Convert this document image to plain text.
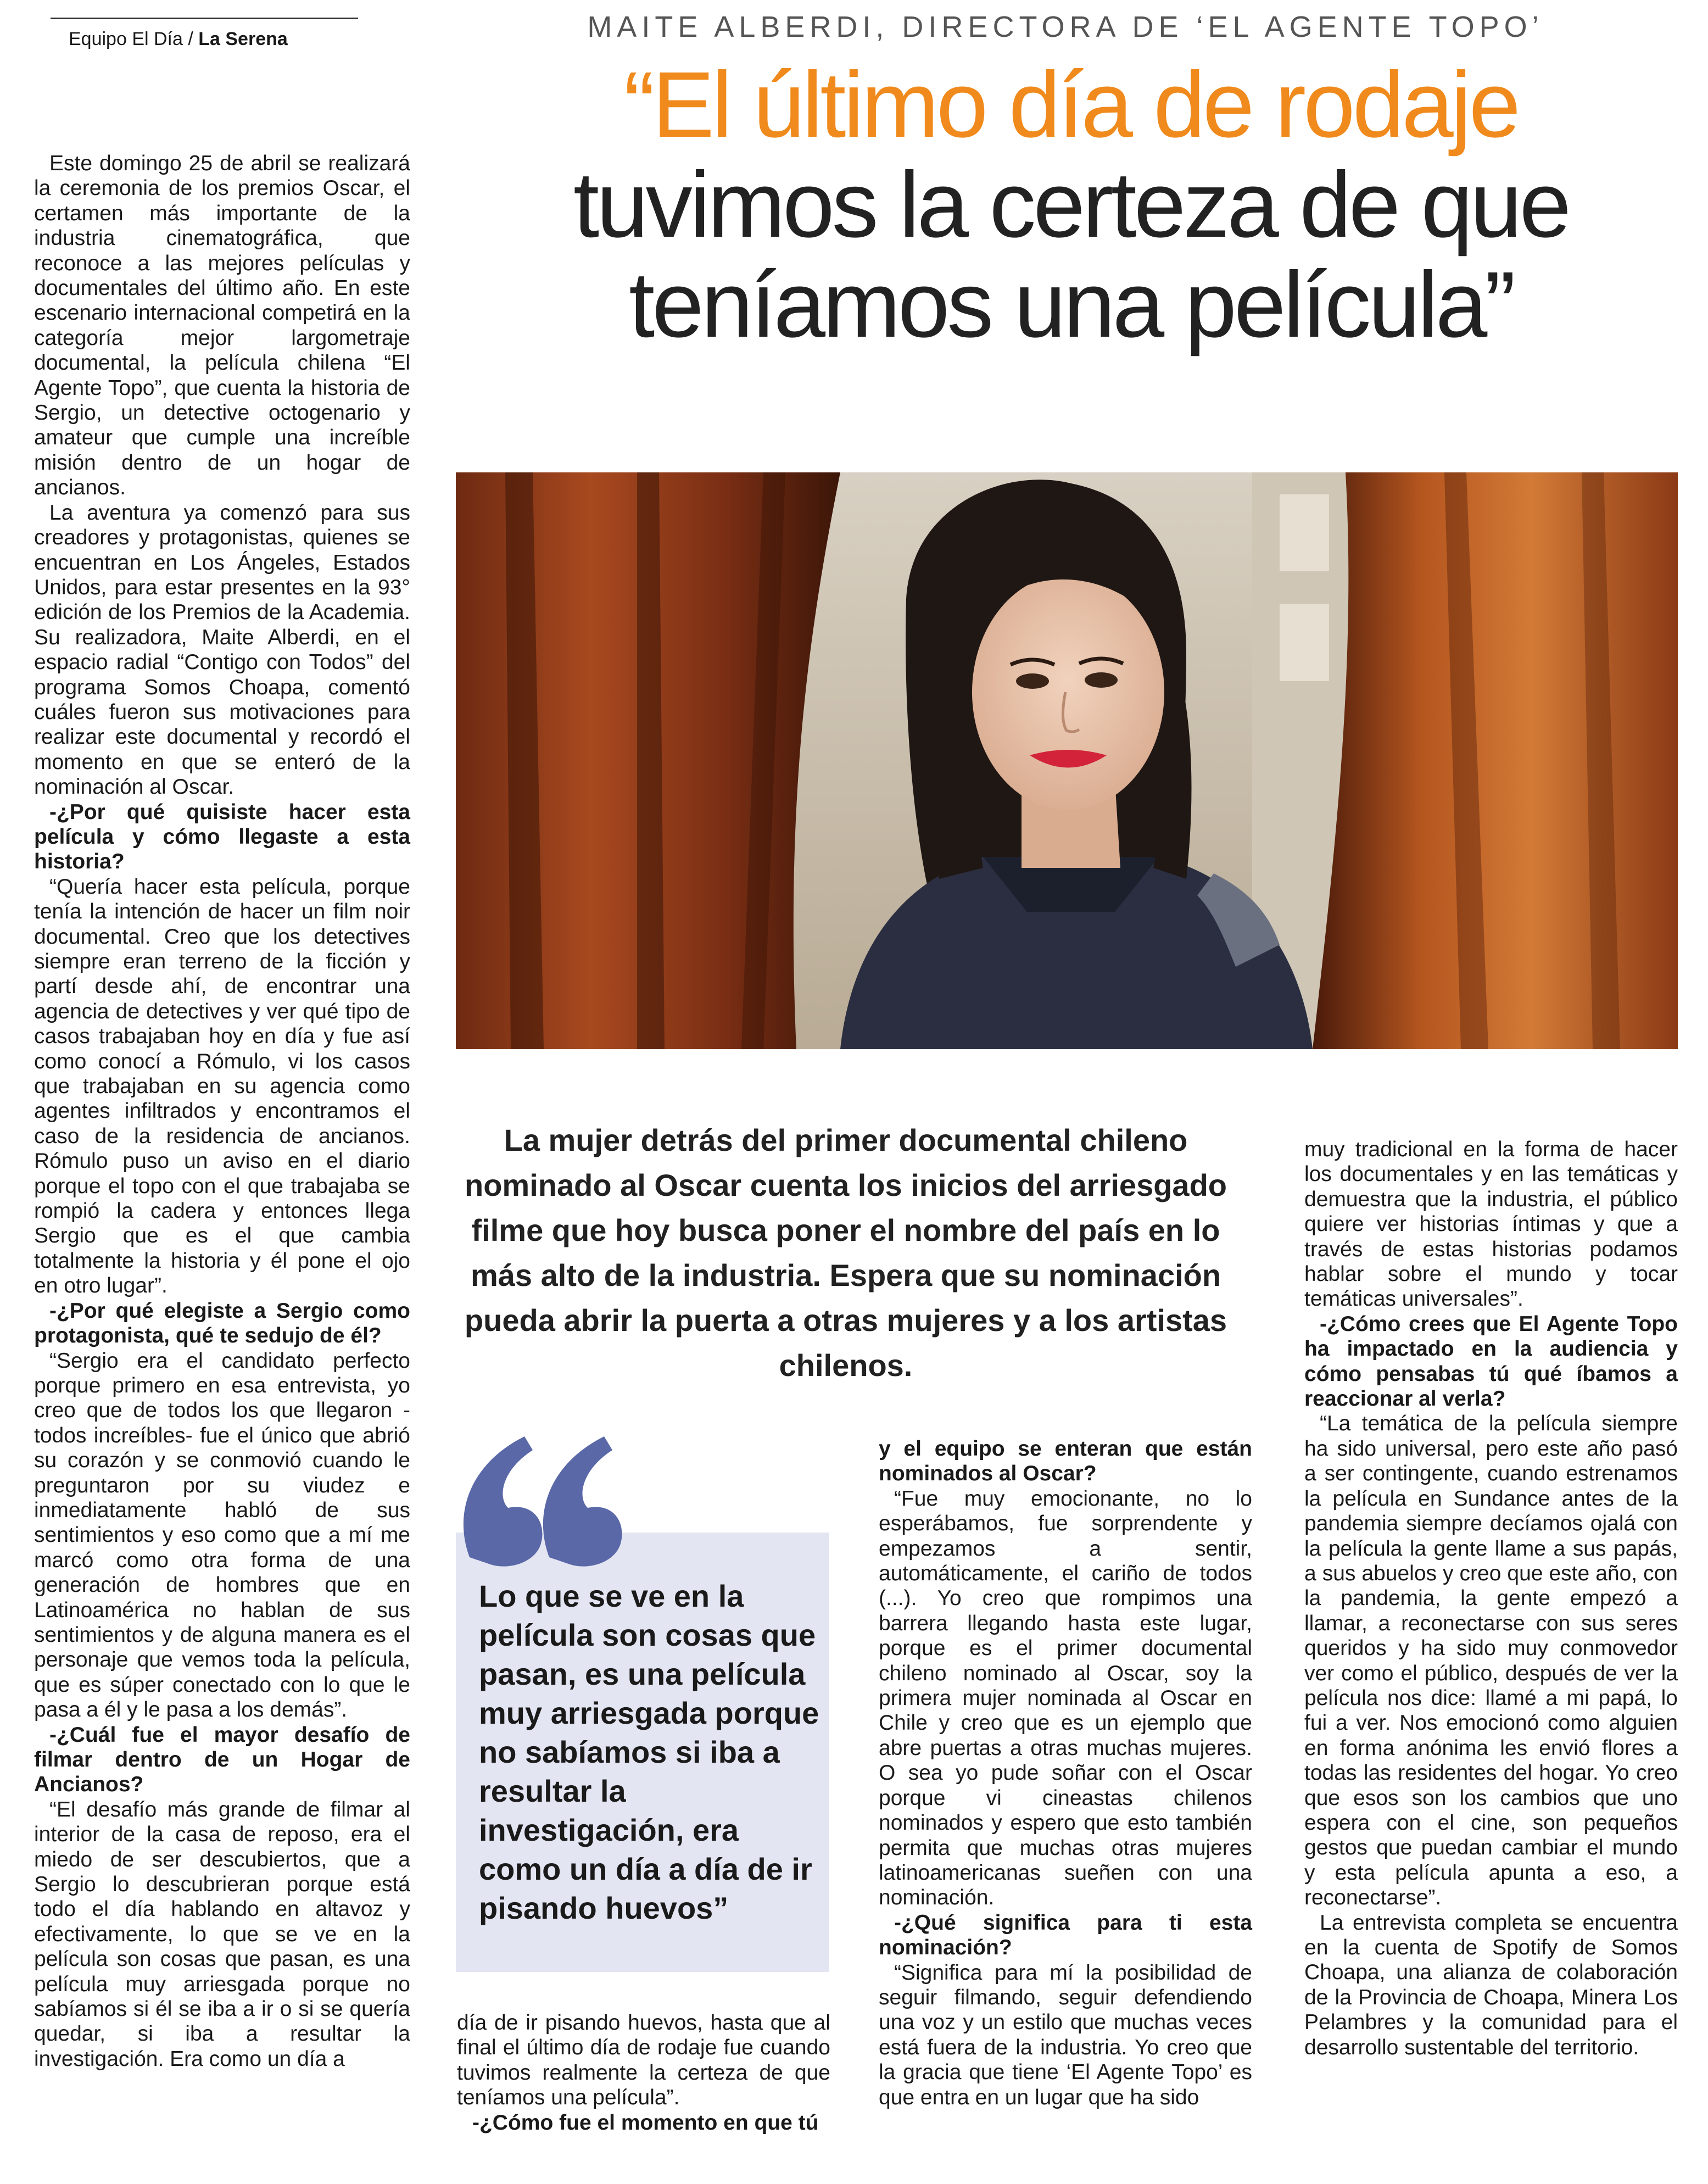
Equipo El Día / La Serena	MAITE ALBERDI, DIRECTORA DE ‘EL AGENTE TOPO’
“El último día de rodaje
tuvimos la certeza de que
teníamos una película”

Este domingo 25 de abril se realizará la ceremonia de los premios Oscar, el certamen más importante de la industria cinematográfica, que reconoce a las mejores películas y documentales del último año. En este escenario internacional competirá en la categoría mejor largometraje documental, la película chilena “El Agente Topo”, que cuenta la historia de Sergio, un detective octogenario y amateur que cumple una increíble misión dentro de un hogar de ancianos.

La aventura ya comenzó para sus creadores y protagonistas, quienes se encuentran en Los Ángeles, Estados Unidos, para estar presentes en la 93° edición de los Premios de la Academia. Su realizadora, Maite Alberdi, en el espacio radial “Contigo con Todos” del programa Somos Choapa, comentó cuáles fueron sus motivaciones para realizar este documental y recordó el momento en que se enteró de la nominación al Oscar.

-¿Por qué quisiste hacer esta película y cómo llegaste a esta historia?

“Quería hacer esta película, porque tenía la intención de hacer un film noir documental. Creo que los detectives siempre eran terreno de la ficción y partí desde ahí, de encontrar una agencia de detectives y ver qué tipo de casos trabajaban hoy en día y fue así como conocí a Rómulo, vi los casos que trabajaban en su agencia como agentes infiltrados y encontramos el caso de la residencia de ancianos. Rómulo puso un aviso en el diario porque el topo con el que trabajaba se rompió la cadera y entonces llega Sergio que es el que cambia totalmente la historia y él pone el ojo en otro lugar”.

-¿Por qué elegiste a Sergio como protagonista, qué te sedujo de él?

“Sergio era el candidato perfecto porque primero en esa entrevista, yo creo que de todos los que llegaron -todos increíbles- fue el único que abrió su corazón y se conmovió cuando le preguntaron por su viudez e inmediatamente habló de sus sentimientos y eso como que a mí me marcó como otra forma de una generación de hombres que en Latinoamérica no hablan de sus sentimientos y de alguna manera es el personaje que vemos toda la película, que es súper conectado con lo que le pasa a él y le pasa a los demás”.

-¿Cuál fue el mayor desafío de filmar dentro de un Hogar de Ancianos?

“El desafío más grande de filmar al interior de la casa de reposo, era el miedo de ser descubiertos, que a Sergio lo descubrieran porque está todo el día hablando en altavoz y efectivamente, lo que se ve en la película son cosas que pasan, es una película muy arriesgada porque no sabíamos si él se iba a ir o si se quería quedar, si iba a resultar la investigación. Era como un día a

La mujer detrás del primer documental chileno nominado al Oscar cuenta los inicios del arriesgado filme que hoy busca poner el nombre del país en lo más alto de la industria. Espera que su nominación pueda abrir la puerta a otras mujeres y a los artistas chilenos.
Lo que se ve en la película son cosas que pasan, es una película muy arriesgada porque no sabíamos si iba a resultar la investigación, era como un día a día de ir pisando huevos”

día de ir pisando huevos, hasta que al final el último día de rodaje fue cuando tuvimos realmente la certeza de que teníamos una película”.

-¿Cómo fue el momento en que tú

y el equipo se enteran que están nominados al Oscar?

“Fue muy emocionante, no lo esperábamos, fue sorprendente y empezamos a sentir, automáticamente, el cariño de todos (...). Yo creo que rompimos una barrera llegando hasta este lugar, porque es el primer documental chileno nominado al Oscar, soy la primera mujer nominada al Oscar en Chile y creo que es un ejemplo que abre puertas a otras muchas mujeres. O sea yo pude soñar con el Oscar porque vi cineastas chilenos nominados y espero que esto también permita que muchas otras mujeres latinoamericanas sueñen con una nominación.

-¿Qué significa para ti esta nominación?

“Significa para mí la posibilidad de seguir filmando, seguir defendiendo una voz y un estilo que muchas veces está fuera de la industria. Yo creo que la gracia que tiene ‘El Agente Topo’ es que entra en un lugar que ha sido

muy tradicional en la forma de hacer los documentales y en las temáticas y demuestra que la industria, el público quiere ver historias íntimas y que a través de estas historias podamos hablar sobre el mundo y tocar temáticas universales”.

-¿Cómo crees que El Agente Topo ha impactado en la audiencia y cómo pensabas tú qué íbamos a reaccionar al verla?

“La temática de la película siempre ha sido universal, pero este año pasó a ser contingente, cuando estrenamos la película en Sundance antes de la pandemia siempre decíamos ojalá con la película la gente llame a sus papás, a sus abuelos y creo que este año, con la pandemia, la gente empezó a llamar, a reconectarse con sus seres queridos y ha sido muy conmovedor ver como el público, después de ver la película nos dice: llamé a mi papá, lo fui a ver. Nos emocionó como alguien en forma anónima les envió flores a todas las residentes del hogar. Yo creo que esos son los cambios que uno espera con el cine, son pequeños gestos que puedan cambiar el mundo y esta película apunta a eso, a reconectarse”.

La entrevista completa se encuentra en la cuenta de Spotify de Somos Choapa, una alianza de colaboración de la Provincia de Choapa, Minera Los Pelambres y la comunidad para el desarrollo sustentable del territorio.
